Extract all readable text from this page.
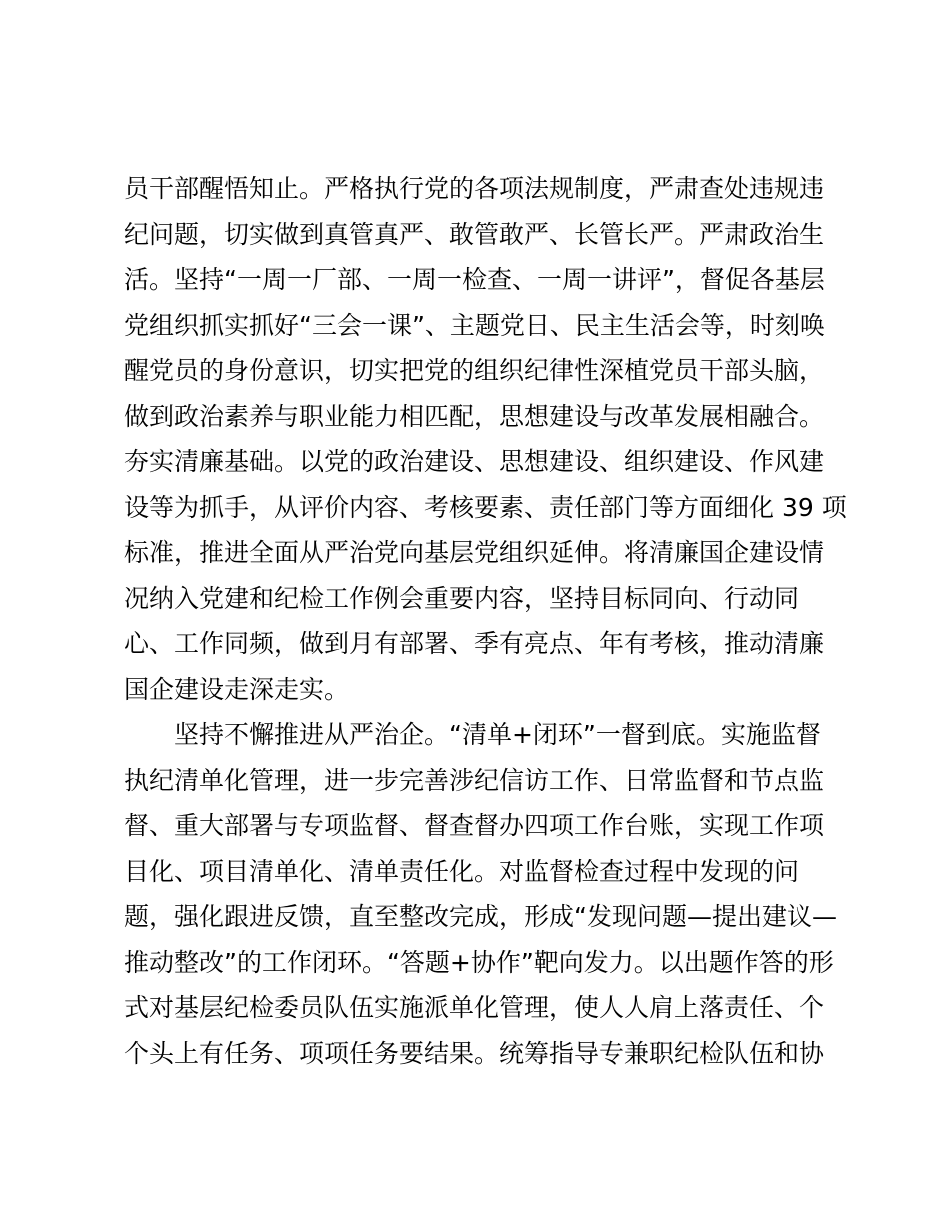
员干部醒悟知止。严格执行党的各项法规制度，严肃查处违规违
纪问题，切实做到真管真严、敢管敢严、长管长严。严肃政治生
活。坚持“一周一厂部、一周一检查、一周一讲评”，督促各基层
党组织抓实抓好“三会一课”、主题党日、民主生活会等，时刻唤
醒党员的身份意识，切实把党的组织纪律性深植党员干部头脑，
做到政治素养与职业能力相匹配，思想建设与改革发展相融合。
夯实清廉基础。以党的政治建设、思想建设、组织建设、作风建
设等为抓手，从评价内容、考核要素、责任部门等方面细化 39 项
标准，推进全面从严治党向基层党组织延伸。将清廉国企建设情
况纳入党建和纪检工作例会重要内容，坚持目标同向、行动同
心、工作同频，做到月有部署、季有亮点、年有考核，推动清廉
国企建设走深走实。
坚持不懈推进从严治企。“清单+闭环”一督到底。实施监督
执纪清单化管理，进一步完善涉纪信访工作、日常监督和节点监
督、重大部署与专项监督、督查督办四项工作台账，实现工作项
目化、项目清单化、清单责任化。对监督检查过程中发现的问
题，强化跟进反馈，直至整改完成，形成“发现问题—提出建议—
推动整改”的工作闭环。“答题+协作”靶向发力。以出题作答的形
式对基层纪检委员队伍实施派单化管理，使人人肩上落责任、个
个头上有任务、项项任务要结果。统筹指导专兼职纪检队伍和协
